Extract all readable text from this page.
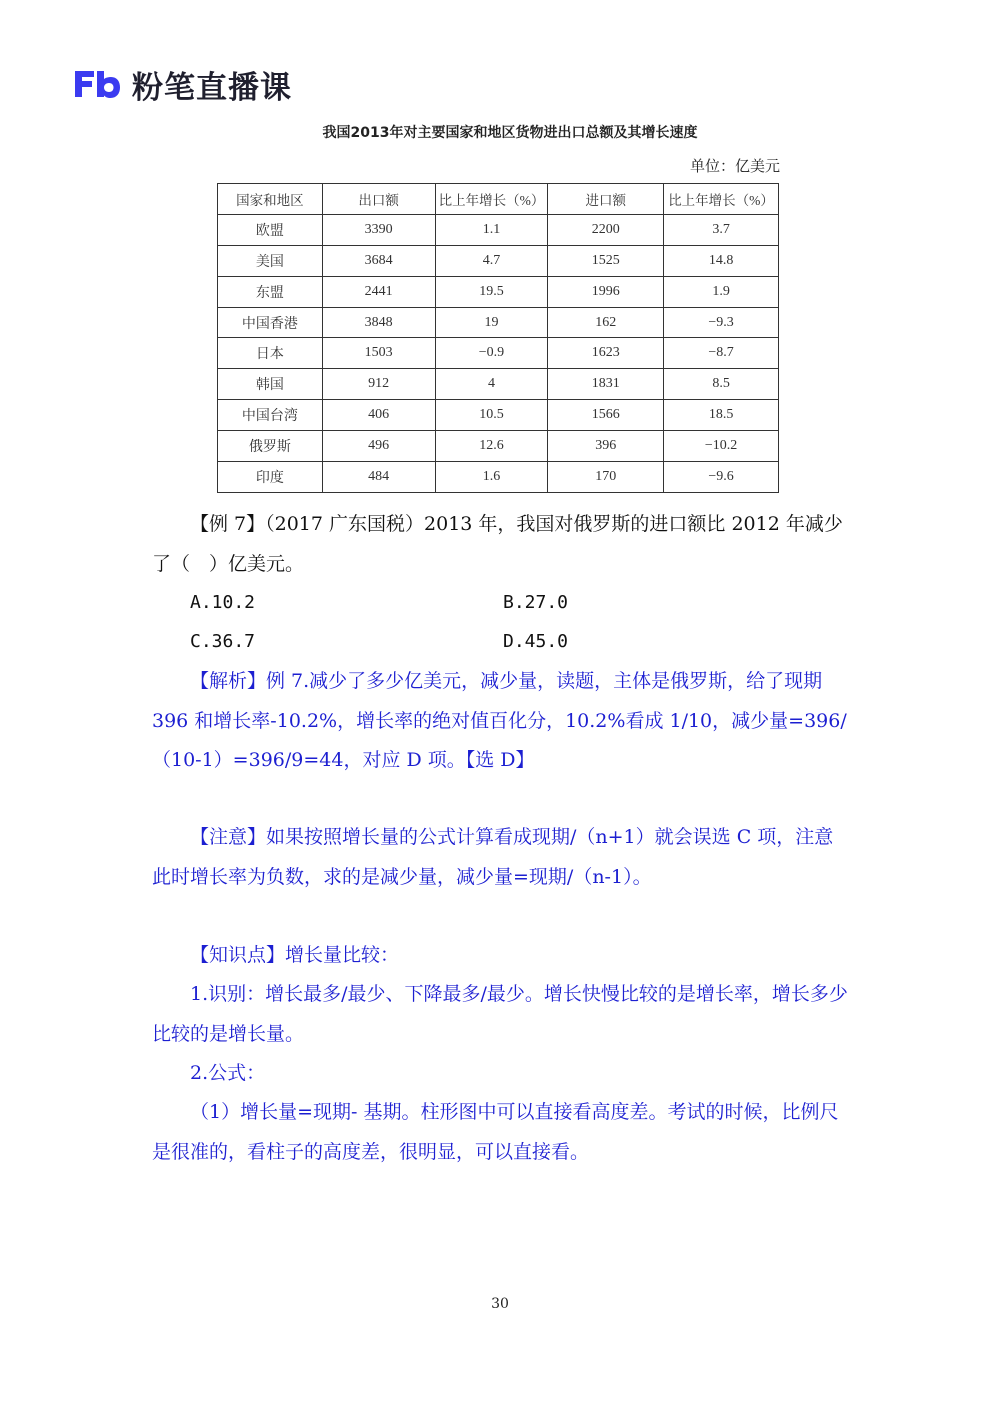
粉笔直播课
我国2013年对主要国家和地区货物进出口总额及其增长速度
单位：亿美元
国家和地区	出口额	比上年增长（%）	进口额	比上年增长（%）
欧盟	3390	1.1	2200	3.7
美国	3684	4.7	1525	14.8
东盟	2441	19.5	1996	1.9
中国香港	3848	19	162	−9.3
日本	1503	−0.9	1623	−8.7
韩国	912	4	1831	8.5
中国台湾	406	10.5	1566	18.5
俄罗斯	496	12.6	396	−10.2
印度	484	1.6	170	−9.6
【例 7】（2017 广东国税）2013 年，我国对俄罗斯的进口额比 2012 年减少了（　）亿美元。
A.10.2	B.27.0
C.36.7	D.45.0
【解析】例 7.减少了多少亿美元，减少量，读题，主体是俄罗斯，给了现期 396 和增长率-10.2%，增长率的绝对值百化分，10.2%看成 1/10，减少量=396/（10-1）=396/9=44，对应 D 项。【选 D】
【注意】如果按照增长量的公式计算看成现期/（n+1）就会误选 C 项，注意此时增长率为负数，求的是减少量，减少量=现期/（n-1）。
【知识点】增长量比较：
1.识别：增长最多/最少、下降最多/最少。增长快慢比较的是增长率，增长多少比较的是增长量。
2.公式：
（1）增长量=现期- 基期。柱形图中可以直接看高度差。考试的时候，比例尺是很准的，看柱子的高度差，很明显，可以直接看。
30
